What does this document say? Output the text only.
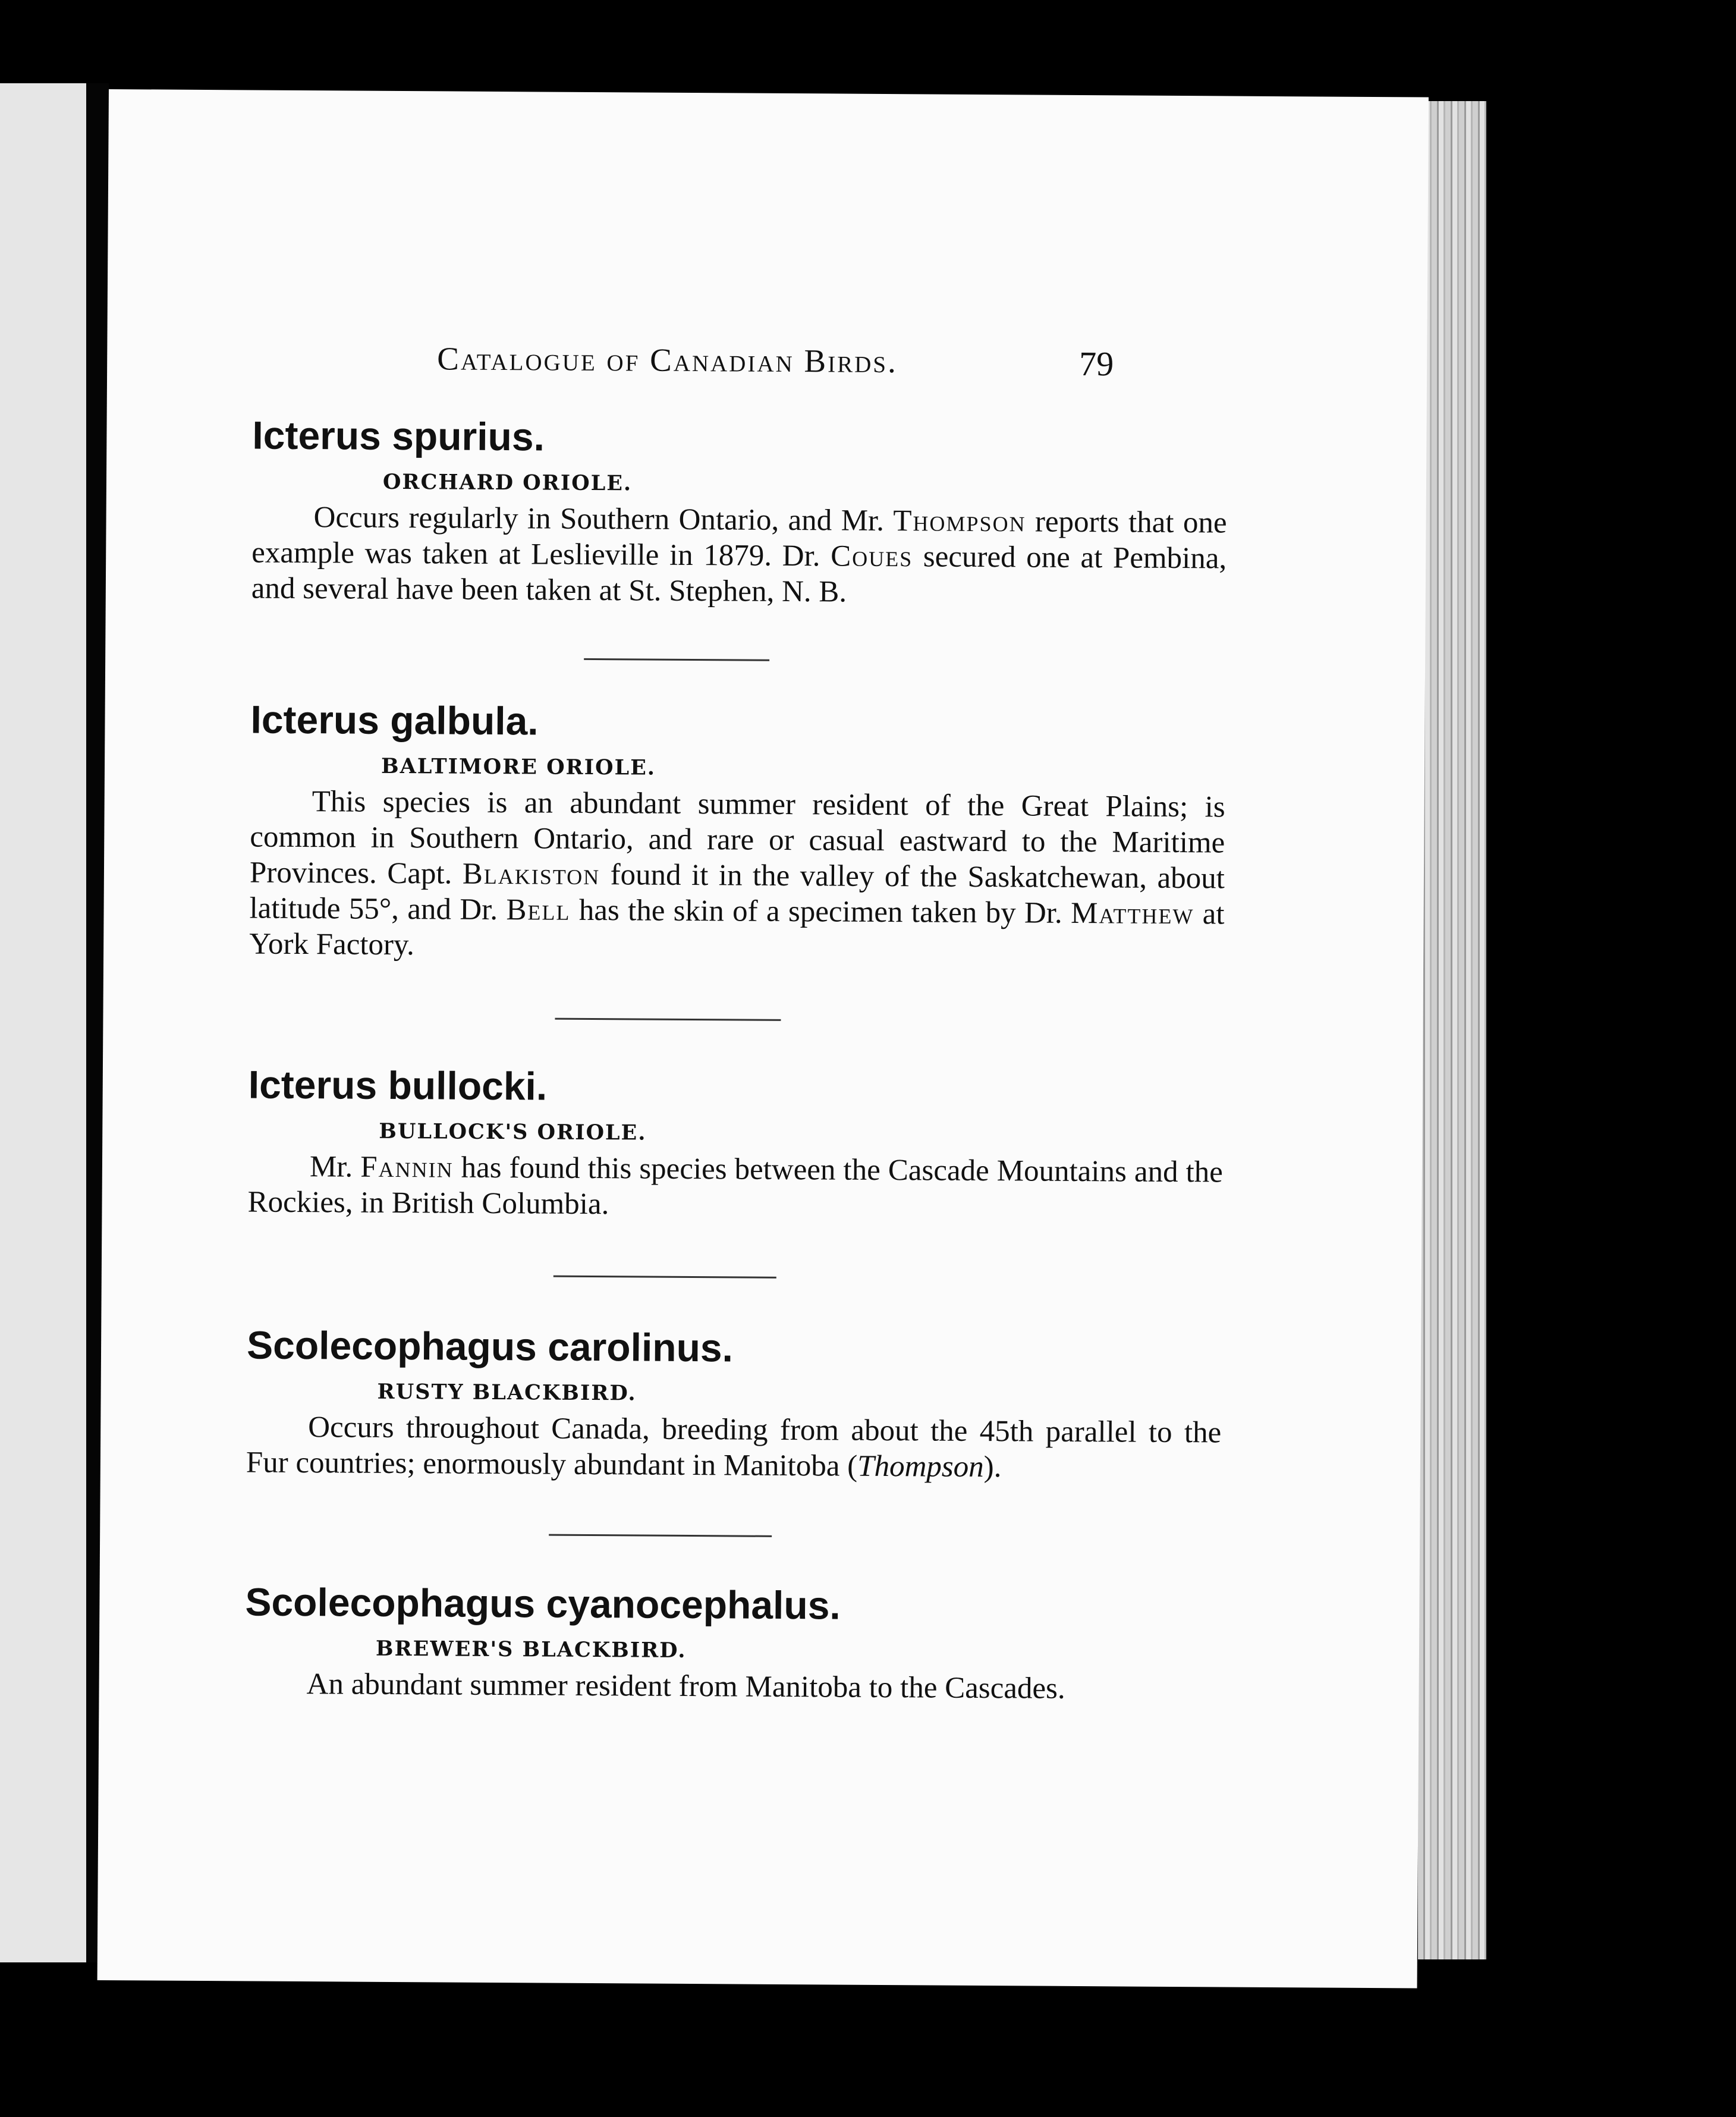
Catalogue of Canadian Birds.	79
Icterus spurius.
ORCHARD ORIOLE.

Occurs regularly in Southern Ontario, and Mr. Thompson reports that one example was taken at Leslieville in 1879. Dr. Coues secured one at Pembina, and several have been taken at St. Stephen, N. B.

Icterus galbula.
BALTIMORE ORIOLE.

This species is an abundant summer resident of the Great Plains; is common in Southern Ontario, and rare or casual eastward to the Maritime Provinces. Capt. Blakiston found it in the valley of the Saskatchewan, about latitude 55°, and Dr. Bell has the skin of a specimen taken by Dr. Matthew at York Factory.

Icterus bullocki.
BULLOCK'S ORIOLE.

Mr. Fannin has found this species between the Cascade Mountains and the Rockies, in British Columbia.

Scolecophagus carolinus.
RUSTY BLACKBIRD.

Occurs throughout Canada, breeding from about the 45th parallel to the Fur countries; enormously abundant in Manitoba (Thompson).

Scolecophagus cyanocephalus.
BREWER'S BLACKBIRD.

An abundant summer resident from Manitoba to the Cascades.
